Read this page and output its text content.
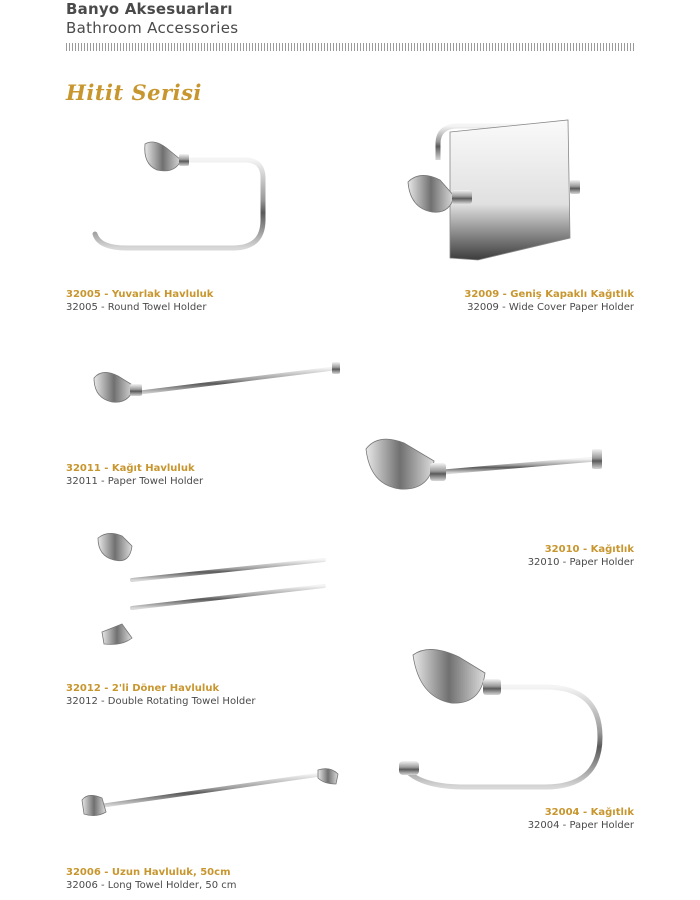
Banyo Aksesuarları
Bathroom Accessories
Hitit Serisi
32005 - Yuvarlak Havluluk
32005 - Round Towel Holder
32009 - Geniş Kapaklı Kağıtlık
32009 - Wide Cover Paper Holder
32011 - Kağıt Havluluk
32011 - Paper Towel Holder
32010 - Kağıtlık
32010 - Paper Holder
32012 - 2'li Döner Havluluk
32012 - Double Rotating Towel Holder
32004 - Kağıtlık
32004 - Paper Holder
32006 - Uzun Havluluk, 50cm
32006 - Long Towel Holder, 50 cm
